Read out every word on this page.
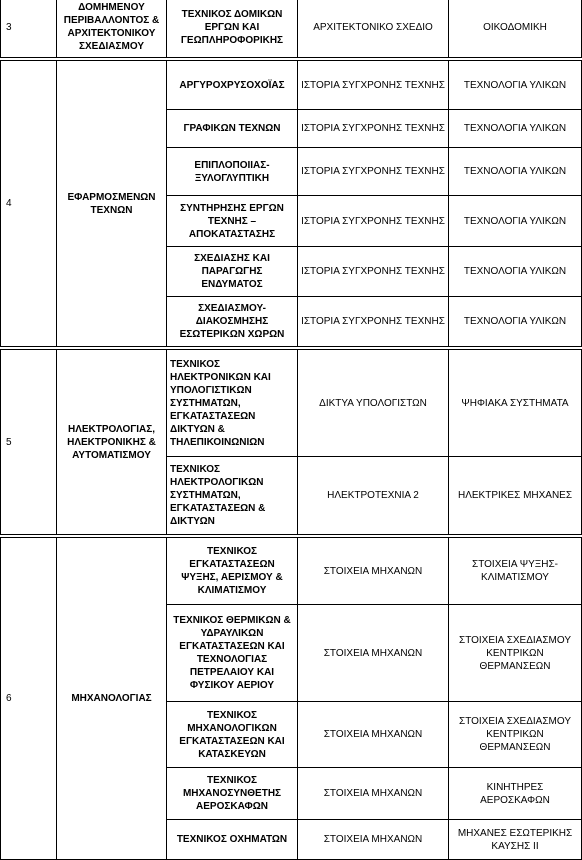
3	ΔΟΜΗΜΕΝΟΥ ΠΕΡΙΒΑΛΛΟΝΤΟΣ & ΑΡΧΙΤΕΚΤΟΝΙΚΟΥ ΣΧΕΔΙΑΣΜΟΥ	ΤΕΧΝΙΚΟΣ ΔΟΜΙΚΩΝ ΕΡΓΩΝ ΚΑΙ ΓΕΩΠΛΗΡΟΦΟΡΙΚΗΣ	ΑΡΧΙΤΕΚΤΟΝΙΚΟ ΣΧΕΔΙΟ	ΟΙΚΟΔΟΜΙΚΗ

4	ΕΦΑΡΜΟΣΜΕΝΩΝ ΤΕΧΝΩΝ	ΑΡΓΥΡΟΧΡΥΣΟΧΟΪΑΣ	ΙΣΤΟΡΙΑ ΣΥΓΧΡΟΝΗΣ ΤΕΧΝΗΣ	ΤΕΧΝΟΛΟΓΙΑ ΥΛΙΚΩΝ
		ΓΡΑΦΙΚΩΝ ΤΕΧΝΩΝ	ΙΣΤΟΡΙΑ ΣΥΓΧΡΟΝΗΣ ΤΕΧΝΗΣ	ΤΕΧΝΟΛΟΓΙΑ ΥΛΙΚΩΝ
		ΕΠΙΠΛΟΠΟΙΙΑΣ-ΞΥΛΟΓΛΥΠΤΙΚΗ	ΙΣΤΟΡΙΑ ΣΥΓΧΡΟΝΗΣ ΤΕΧΝΗΣ	ΤΕΧΝΟΛΟΓΙΑ ΥΛΙΚΩΝ
		ΣΥΝΤΗΡΗΣΗΣ ΕΡΓΩΝ ΤΕΧΝΗΣ – ΑΠΟΚΑΤΑΣΤΑΣΗΣ	ΙΣΤΟΡΙΑ ΣΥΓΧΡΟΝΗΣ ΤΕΧΝΗΣ	ΤΕΧΝΟΛΟΓΙΑ ΥΛΙΚΩΝ
		ΣΧΕΔΙΑΣΗΣ ΚΑΙ ΠΑΡΑΓΩΓΗΣ ΕΝΔΥΜΑΤΟΣ	ΙΣΤΟΡΙΑ ΣΥΓΧΡΟΝΗΣ ΤΕΧΝΗΣ	ΤΕΧΝΟΛΟΓΙΑ ΥΛΙΚΩΝ
		ΣΧΕΔΙΑΣΜΟΥ-ΔΙΑΚΟΣΜΗΣΗΣ ΕΣΩΤΕΡΙΚΩΝ ΧΩΡΩΝ	ΙΣΤΟΡΙΑ ΣΥΓΧΡΟΝΗΣ ΤΕΧΝΗΣ	ΤΕΧΝΟΛΟΓΙΑ ΥΛΙΚΩΝ

5	ΗΛΕΚΤΡΟΛΟΓΙΑΣ, ΗΛΕΚΤΡΟΝΙΚΗΣ & ΑΥΤΟΜΑΤΙΣΜΟΥ	ΤΕΧΝΙΚΟΣ ΗΛΕΚΤΡΟΝΙΚΩΝ ΚΑΙ ΥΠΟΛΟΓΙΣΤΙΚΩΝ ΣΥΣΤΗΜΑΤΩΝ, ΕΓΚΑΤΑΣΤΑΣΕΩΝ ΔΙΚΤΥΩΝ & ΤΗΛΕΠΙΚΟΙΝΩΝΙΩΝ	ΔΙΚΤΥΑ ΥΠΟΛΟΓΙΣΤΩΝ	ΨΗΦΙΑΚΑ ΣΥΣΤΗΜΑΤΑ
		ΤΕΧΝΙΚΟΣ ΗΛΕΚΤΡΟΛΟΓΙΚΩΝ ΣΥΣΤΗΜΑΤΩΝ, ΕΓΚΑΤΑΣΤΑΣΕΩΝ & ΔΙΚΤΥΩΝ	ΗΛΕΚΤΡΟΤΕΧΝΙΑ 2	ΗΛΕΚΤΡΙΚΕΣ ΜΗΧΑΝΕΣ

6	ΜΗΧΑΝΟΛΟΓΙΑΣ	ΤΕΧΝΙΚΟΣ ΕΓΚΑΤΑΣΤΑΣΕΩΝ ΨΥΞΗΣ, ΑΕΡΙΣΜΟΥ & ΚΛΙΜΑΤΙΣΜΟΥ	ΣΤΟΙΧΕΙΑ ΜΗΧΑΝΩΝ	ΣΤΟΙΧΕΙΑ ΨΥΞΗΣ-ΚΛΙΜΑΤΙΣΜΟΥ
		ΤΕΧΝΙΚΟΣ ΘΕΡΜΙΚΩΝ & ΥΔΡΑΥΛΙΚΩΝ ΕΓΚΑΤΑΣΤΑΣΕΩΝ ΚΑΙ ΤΕΧΝΟΛΟΓΙΑΣ ΠΕΤΡΕΛΑΙΟΥ ΚΑΙ ΦΥΣΙΚΟΥ ΑΕΡΙΟΥ	ΣΤΟΙΧΕΙΑ ΜΗΧΑΝΩΝ	ΣΤΟΙΧΕΙΑ ΣΧΕΔΙΑΣΜΟΥ ΚΕΝΤΡΙΚΩΝ ΘΕΡΜΑΝΣΕΩΝ
		ΤΕΧΝΙΚΟΣ ΜΗΧΑΝΟΛΟΓΙΚΩΝ ΕΓΚΑΤΑΣΤΑΣΕΩΝ ΚΑΙ ΚΑΤΑΣΚΕΥΩΝ	ΣΤΟΙΧΕΙΑ ΜΗΧΑΝΩΝ	ΣΤΟΙΧΕΙΑ ΣΧΕΔΙΑΣΜΟΥ ΚΕΝΤΡΙΚΩΝ ΘΕΡΜΑΝΣΕΩΝ
		ΤΕΧΝΙΚΟΣ ΜΗΧΑΝΟΣΥΝΘΕΤΗΣ ΑΕΡΟΣΚΑΦΩΝ	ΣΤΟΙΧΕΙΑ ΜΗΧΑΝΩΝ	ΚΙΝΗΤΗΡΕΣ ΑΕΡΟΣΚΑΦΩΝ
		ΤΕΧΝΙΚΟΣ ΟΧΗΜΑΤΩΝ	ΣΤΟΙΧΕΙΑ ΜΗΧΑΝΩΝ	ΜΗΧΑΝΕΣ ΕΣΩΤΕΡΙΚΗΣ ΚΑΥΣΗΣ ΙΙ
